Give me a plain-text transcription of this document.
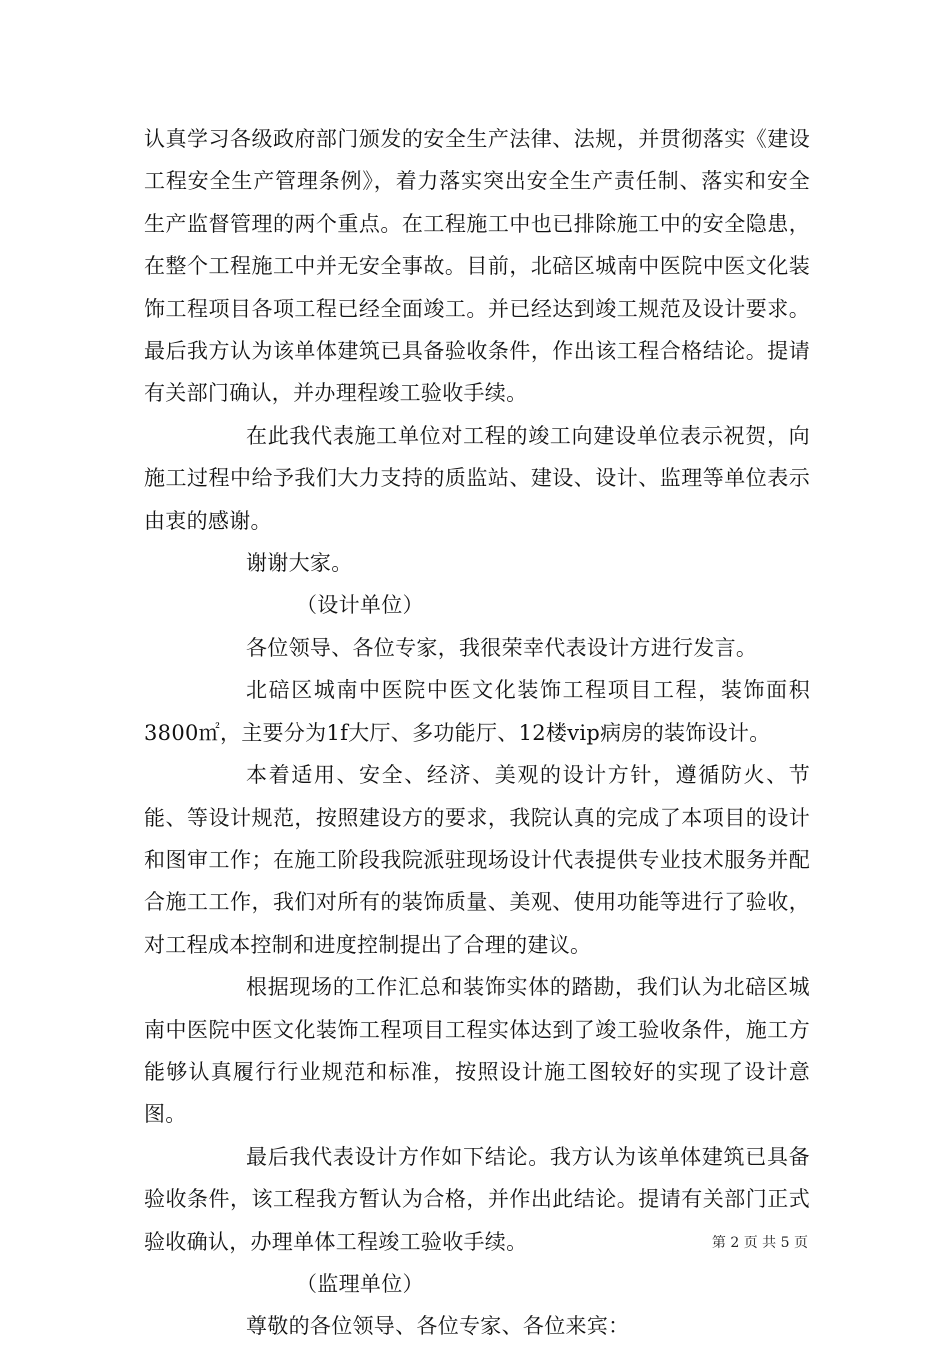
认真学习各级政府部门颁发的安全生产法律、法规，并贯彻落实《建设工程安全生产管理条例》，着力落实突出安全生产责任制、落实和安全生产监督管理的两个重点。在工程施工中也已排除施工中的安全隐患，在整个工程施工中并无安全事故。目前，北碚区城南中医院中医文化装饰工程项目各项工程已经全面竣工。并已经达到竣工规范及设计要求。最后我方认为该单体建筑已具备验收条件，作出该工程合格结论。提请有关部门确认，并办理程竣工验收手续。

在此我代表施工单位对工程的竣工向建设单位表示祝贺，向施工过程中给予我们大力支持的质监站、建设、设计、监理等单位表示由衷的感谢。

谢谢大家。

（设计单位）

各位领导、各位专家，我很荣幸代表设计方进行发言。

北碚区城南中医院中医文化装饰工程项目工程，装饰面积3800㎡，主要分为1f大厅、多功能厅、12楼vip病房的装饰设计。

本着适用、安全、经济、美观的设计方针，遵循防火、节能、等设计规范，按照建设方的要求，我院认真的完成了本项目的设计和图审工作；在施工阶段我院派驻现场设计代表提供专业技术服务并配合施工工作，我们对所有的装饰质量、美观、使用功能等进行了验收，对工程成本控制和进度控制提出了合理的建议。

根据现场的工作汇总和装饰实体的踏勘，我们认为北碚区城南中医院中医文化装饰工程项目工程实体达到了竣工验收条件，施工方能够认真履行行业规范和标准，按照设计施工图较好的实现了设计意图。

最后我代表设计方作如下结论。我方认为该单体建筑已具备验收条件，该工程我方暂认为合格，并作出此结论。提请有关部门正式验收确认，办理单体工程竣工验收手续。

（监理单位）

尊敬的各位领导、各位专家、各位来宾：

第 2 页 共 5 页
